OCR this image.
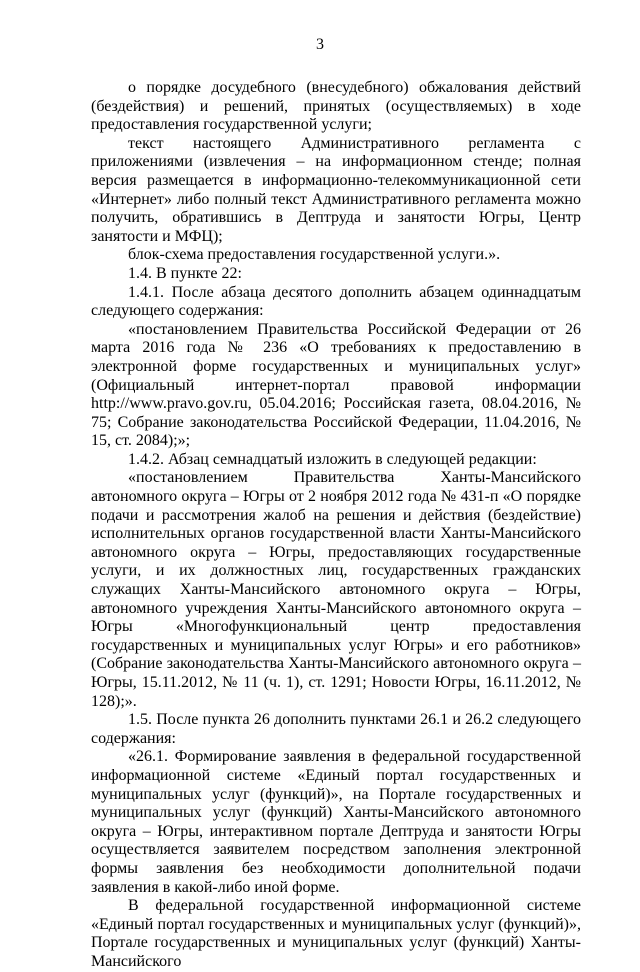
3

о порядке досудебного (внесудебного) обжалования действий (бездействия) и решений, принятых (осуществляемых) в ходе предоставления государственной услуги;

текст настоящего Административного регламента с приложениями (извлечения – на информационном стенде; полная версия размещается в информационно-телекоммуникационной сети «Интернет» либо полный текст Административного регламента можно получить, обратившись в Дептруда и занятости Югры, Центр занятости и МФЦ);

блок-схема предоставления государственной услуги.».

1.4. В пункте 22:

1.4.1. После абзаца десятого дополнить абзацем одиннадцатым следующего содержания:

«постановлением Правительства Российской Федерации от 26 марта 2016 года № 236 «О требованиях к предоставлению в электронной форме государственных и муниципальных услуг» (Официальный интернет-портал правовой информации http://www.pravo.gov.ru, 05.04.2016; Российская газета, 08.04.2016, № 75; Собрание законодательства Российской Федерации, 11.04.2016, № 15, ст. 2084);»;

1.4.2. Абзац семнадцатый изложить в следующей редакции:

«постановлением Правительства Ханты-Мансийского автономного округа – Югры от 2 ноября 2012 года № 431-п «О порядке подачи и рассмотрения жалоб на решения и действия (бездействие) исполнительных органов государственной власти Ханты-Мансийского автономного округа – Югры, предоставляющих государственные услуги, и их должностных лиц, государственных гражданских служащих Ханты-Мансийского автономного округа – Югры, автономного учреждения Ханты-Мансийского автономного округа – Югры «Многофункциональный центр предоставления государственных и муниципальных услуг Югры» и его работников» (Собрание законодательства Ханты-Мансийского автономного округа – Югры, 15.11.2012, № 11 (ч. 1), ст. 1291; Новости Югры, 16.11.2012, № 128);».

1.5. После пункта 26 дополнить пунктами 26.1 и 26.2 следующего содержания:

«26.1. Формирование заявления в федеральной государственной информационной системе «Единый портал государственных и муниципальных услуг (функций)», на Портале государственных и муниципальных услуг (функций) Ханты-Мансийского автономного округа – Югры, интерактивном портале Дептруда и занятости Югры осуществляется заявителем посредством заполнения электронной формы заявления без необходимости дополнительной подачи заявления в какой-либо иной форме.

В федеральной государственной информационной системе «Единый портал государственных и муниципальных услуг (функций)», Портале государственных и муниципальных услуг (функций) Ханты-Мансийского
